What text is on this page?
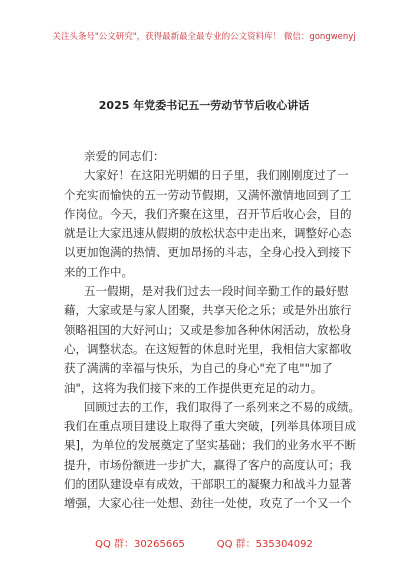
关注头条号"公文研究"，获得最新最全最专业的公文资料库！ 微信：gongwenyj
2025 年党委书记五一劳动节节后收心讲话

亲爱的同志们：

大家好！在这阳光明媚的日子里，我们刚刚度过了一

个充实而愉快的五一劳动节假期，又满怀激情地回到了工

作岗位。今天，我们齐聚在这里，召开节后收心会，目的

就是让大家迅速从假期的放松状态中走出来，调整好心态

以更加饱满的热情、更加昂扬的斗志，全身心投入到接下

来的工作中。

五一假期，是对我们过去一段时间辛勤工作的最好慰

藉，大家或是与家人团聚，共享天伦之乐；或是外出旅行

领略祖国的大好河山；又或是参加各种休闲活动，放松身

心，调整状态。在这短暂的休息时光里，我相信大家都收

获了满满的幸福与快乐，为自己的身心"充了电""加了

油"，这将为我们接下来的工作提供更充足的动力。

回顾过去的工作，我们取得了一系列来之不易的成绩。

我们在重点项目建设上取得了重大突破，[列举具体项目成

果]，为单位的发展奠定了坚实基础；我们的业务水平不断

提升，市场份额进一步扩大，赢得了客户的高度认可；我

们的团队建设卓有成效，干部职工的凝聚力和战斗力显著

增强，大家心往一处想、劲往一处使，攻克了一个又一个

QQ 群：30265665          QQ 群：535304092
